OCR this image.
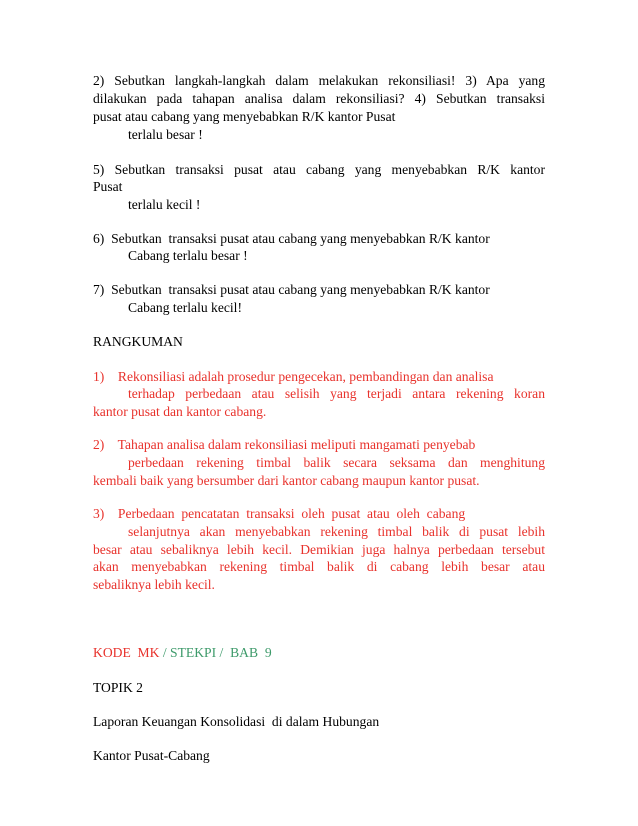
2) Sebutkan langkah-langkah dalam melakukan rekonsiliasi! 3) Apa yang
dilakukan pada tahapan analisa dalam rekonsiliasi? 4) Sebutkan transaksi
pusat atau cabang yang menyebabkan R/K kantor Pusat
terlalu besar !
5) Sebutkan transaksi pusat atau cabang yang menyebabkan R/K kantor
Pusat
terlalu kecil !
6)  Sebutkan  transaksi pusat atau cabang yang menyebabkan R/K kantor
Cabang terlalu besar !
7)  Sebutkan  transaksi pusat atau cabang yang menyebabkan R/K kantor
Cabang terlalu kecil!
RANGKUMAN
1)    Rekonsiliasi adalah prosedur pengecekan, pembandingan dan analisa
terhadap perbedaan atau selisih yang terjadi antara rekening koran
kantor pusat dan kantor cabang.
2)    Tahapan analisa dalam rekonsiliasi meliputi mangamati penyebab
perbedaan rekening timbal balik secara seksama dan menghitung
kembali baik yang bersumber dari kantor cabang maupun kantor pusat.
3)    Perbedaan  pencatatan  transaksi  oleh  pusat  atau  oleh  cabang
selanjutnya akan menyebabkan rekening timbal balik di pusat lebih
besar atau sebaliknya lebih kecil. Demikian juga halnya perbedaan tersebut
akan menyebabkan rekening timbal balik di cabang lebih besar atau
sebaliknya lebih kecil.
KODE  MK / STEKPI /  BAB  9
TOPIK 2
Laporan Keuangan Konsolidasi  di dalam Hubungan
Kantor Pusat-Cabang
